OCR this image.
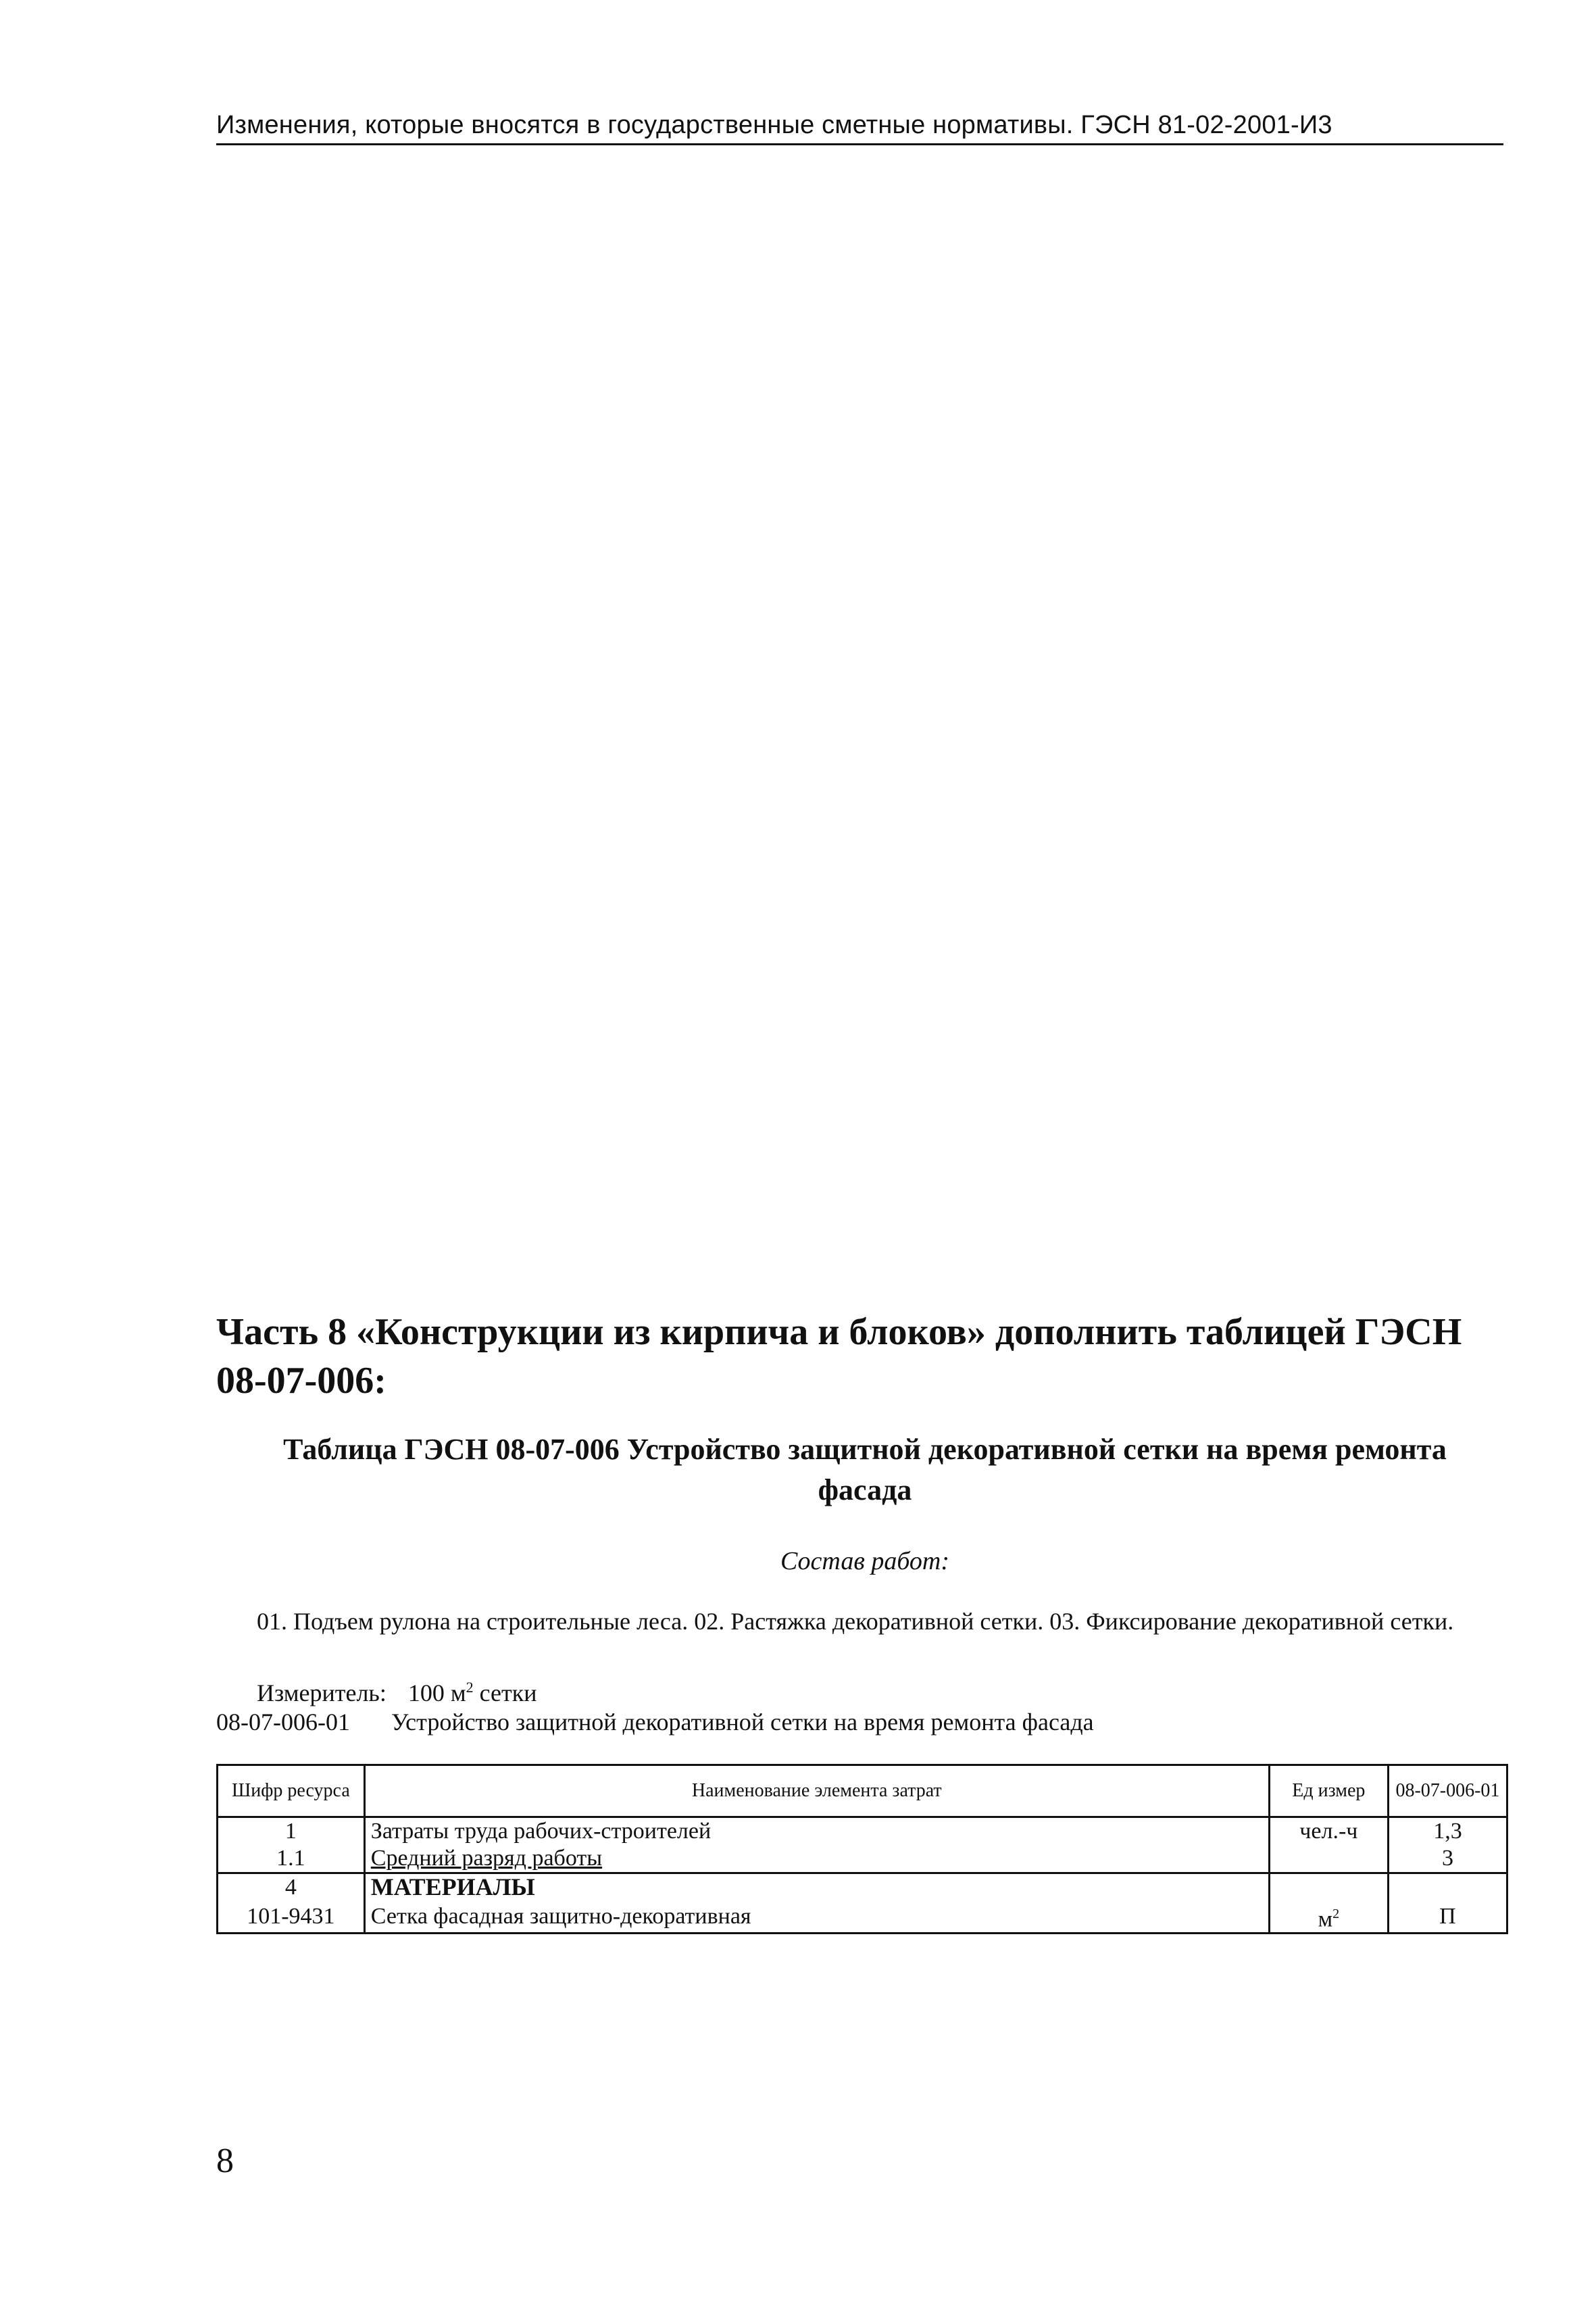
Изменения, которые вносятся в государственные сметные нормативы. ГЭСН 81-02-2001-И3
Часть 8 «Конструкции из кирпича и блоков» дополнить таблицей ГЭСН 08-07-006:
Таблица ГЭСН 08-07-006 Устройство защитной декоративной сетки на время ремонта
фасада
Состав работ:
01. Подъем рулона на строительные леса. 02. Растяжка декоративной сетки. 03. Фиксирование декоративной сетки.
Измеритель: 100 $м^2$ сетки
08-07-006-01 Устройство защитной декоративной сетки на время ремонта фасада
Шифр ресурса	Наименование элемента затрат	Ед измер	08-07-006-01
1	Затраты труда рабочих-строителей	чел.-ч	1,3
1.1	Средний разряд работы		3
4	МАТЕРИАЛЫ		
101-9431	Сетка фасадная защитно-декоративная	$м^2$	П
8
